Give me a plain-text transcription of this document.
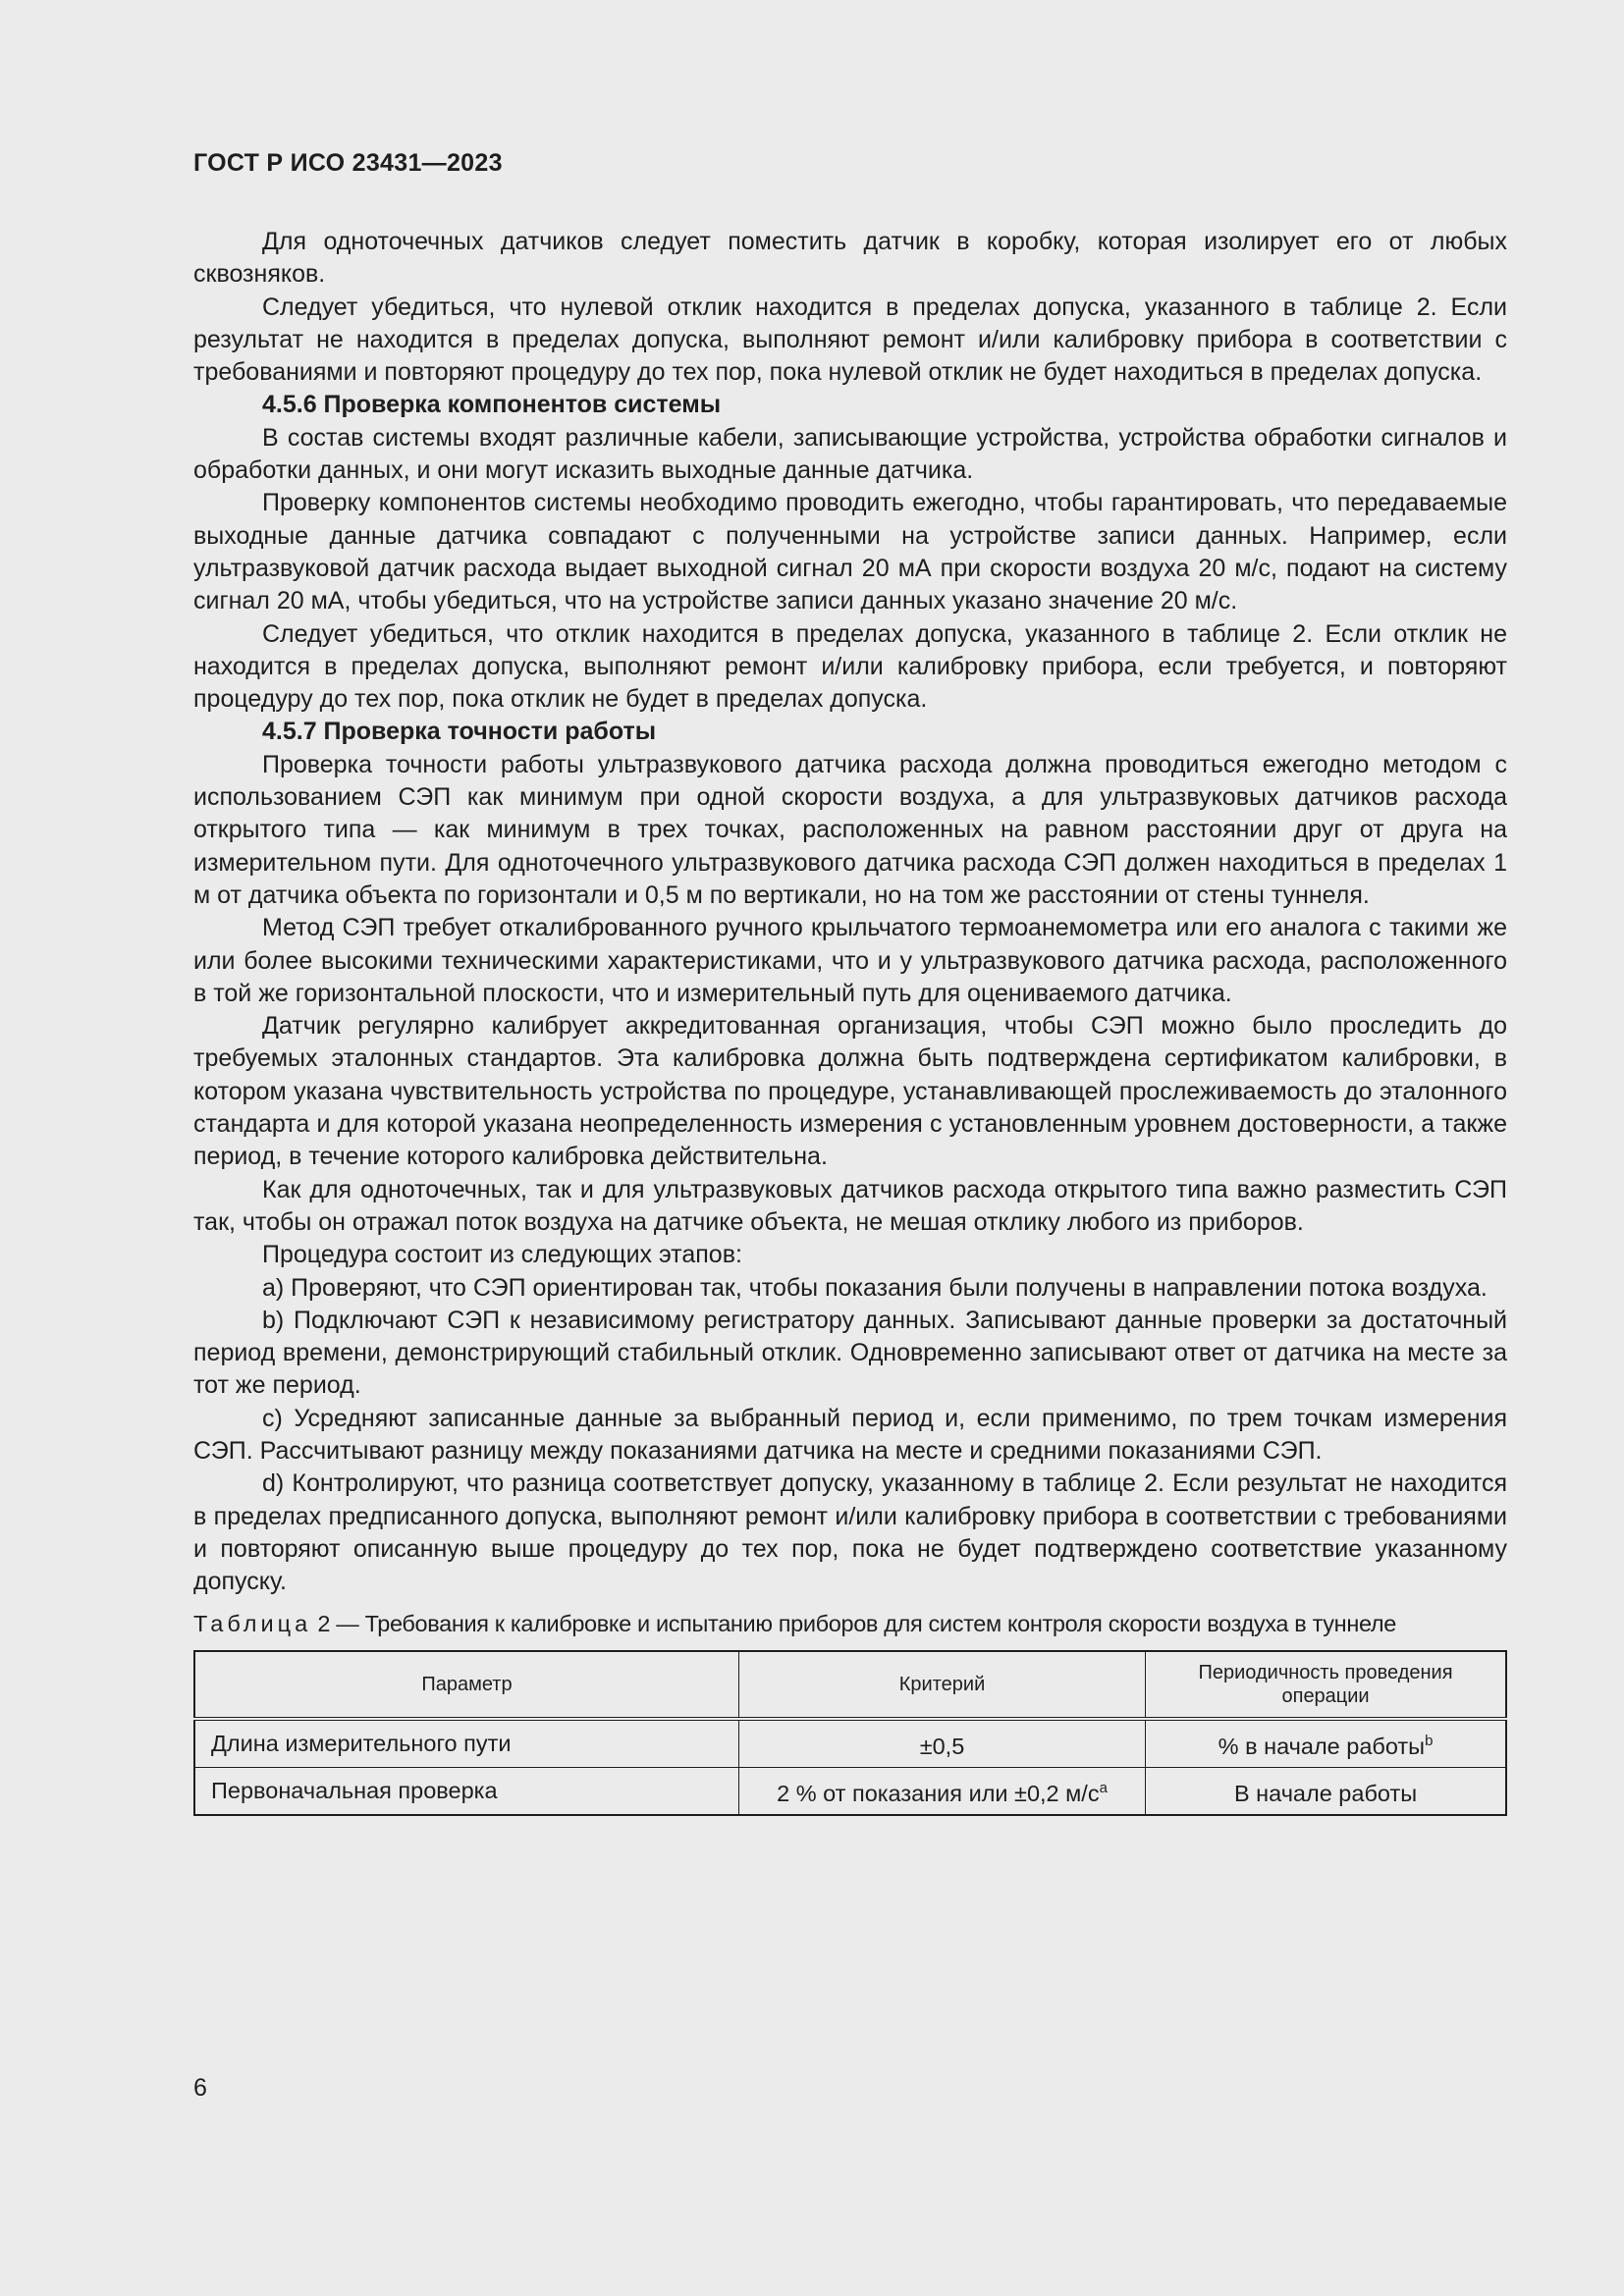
ГОСТ Р ИСО 23431—2023

Для одноточечных датчиков следует поместить датчик в коробку, которая изолирует его от любых сквозняков.

Следует убедиться, что нулевой отклик находится в пределах допуска, указанного в таблице 2. Если результат не находится в пределах допуска, выполняют ремонт и/или калибровку прибора в соответствии с требованиями и повторяют процедуру до тех пор, пока нулевой отклик не будет находиться в пределах допуска.

4.5.6 Проверка компонентов системы

В состав системы входят различные кабели, записывающие устройства, устройства обработки сигналов и обработки данных, и они могут исказить выходные данные датчика.

Проверку компонентов системы необходимо проводить ежегодно, чтобы гарантировать, что передаваемые выходные данные датчика совпадают с полученными на устройстве записи данных. Например, если ультразвуковой датчик расхода выдает выходной сигнал 20 мА при скорости воздуха 20 м/с, подают на систему сигнал 20 мА, чтобы убедиться, что на устройстве записи данных указано значение 20 м/с.

Следует убедиться, что отклик находится в пределах допуска, указанного в таблице 2. Если отклик не находится в пределах допуска, выполняют ремонт и/или калибровку прибора, если требуется, и повторяют процедуру до тех пор, пока отклик не будет в пределах допуска.

4.5.7 Проверка точности работы

Проверка точности работы ультразвукового датчика расхода должна проводиться ежегодно методом с использованием СЭП как минимум при одной скорости воздуха, а для ультразвуковых датчиков расхода открытого типа — как минимум в трех точках, расположенных на равном расстоянии друг от друга на измерительном пути. Для одноточечного ультразвукового датчика расхода СЭП должен находиться в пределах 1 м от датчика объекта по горизонтали и 0,5 м по вертикали, но на том же расстоянии от стены туннеля.

Метод СЭП требует откалиброванного ручного крыльчатого термоанемометра или его аналога с такими же или более высокими техническими характеристиками, что и у ультразвукового датчика расхода, расположенного в той же горизонтальной плоскости, что и измерительный путь для оцениваемого датчика.

Датчик регулярно калибрует аккредитованная организация, чтобы СЭП можно было проследить до требуемых эталонных стандартов. Эта калибровка должна быть подтверждена сертификатом калибровки, в котором указана чувствительность устройства по процедуре, устанавливающей прослеживаемость до эталонного стандарта и для которой указана неопределенность измерения с установленным уровнем достоверности, а также период, в течение которого калибровка действительна.

Как для одноточечных, так и для ультразвуковых датчиков расхода открытого типа важно разместить СЭП так, чтобы он отражал поток воздуха на датчике объекта, не мешая отклику любого из приборов.

Процедура состоит из следующих этапов:

a) Проверяют, что СЭП ориентирован так, чтобы показания были получены в направлении потока воздуха.

b) Подключают СЭП к независимому регистратору данных. Записывают данные проверки за достаточный период времени, демонстрирующий стабильный отклик. Одновременно записывают ответ от датчика на месте за тот же период.

c) Усредняют записанные данные за выбранный период и, если применимо, по трем точкам измерения СЭП. Рассчитывают разницу между показаниями датчика на месте и средними показаниями СЭП.

d) Контролируют, что разница соответствует допуску, указанному в таблице 2. Если результат не находится в пределах предписанного допуска, выполняют ремонт и/или калибровку прибора в соответствии с требованиями и повторяют описанную выше процедуру до тех пор, пока не будет подтверждено соответствие указанному допуску.

Таблица 2 — Требования к калибровке и испытанию приборов для систем контроля скорости воздуха в туннеле
Параметр	Критерий	Периодичность проведения операции
Длина измерительного пути	±0,5	% в начале работы$^b$
Первоначальная проверка	2 % от показания или ±0,2 $м/с^a$	В начале работы
6
